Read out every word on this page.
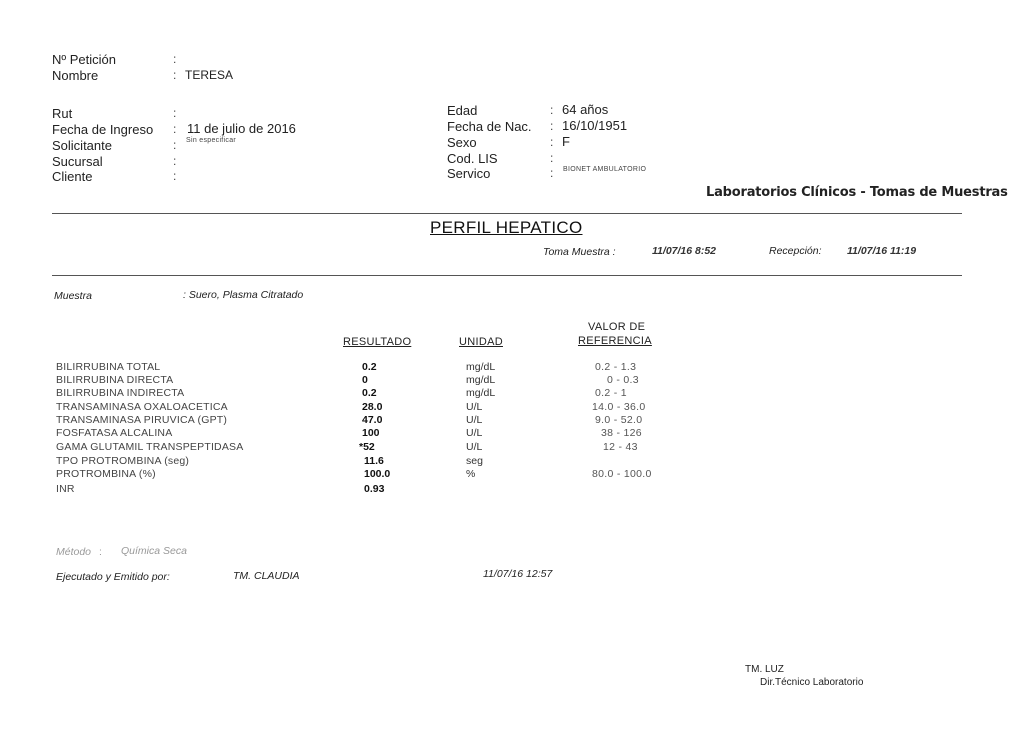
Nº Petición	:
Nombre	: TERESA
Rut	:
Fecha de Ingreso : 11 de julio de 2016
Solicitante	: Sin especificar
Sucursal	:
Cliente	:
Edad	: 64 años
Fecha de Nac. : 16/10/1951
Sexo	: F
Cod. LIS	:
Servico	: BIONET AMBULATORIO
Laboratorios Clínicos - Tomas de Muestras
PERFIL HEPATICO
Toma Muestra :	11/07/16 8:52	Recepción: 11/07/16 11:19
Muestra	: Suero, Plasma Citratado
RESULTADO	UNIDAD
VALOR DE
REFERENCIA
BILIRRUBINA TOTAL	0.2	mg/dL	0.2 - 1.3
BILIRRUBINA DIRECTA	0	mg/dL	0 - 0.3
BILIRRUBINA INDIRECTA	0.2	mg/dL	0.2 - 1
TRANSAMINASA OXALOACETICA	28.0	U/L	14.0 - 36.0
TRANSAMINASA PIRUVICA (GPT)	47.0	U/L	9.0 - 52.0
FOSFATASA ALCALINA	100	U/L	38 - 126
GAMA GLUTAMIL TRANSPEPTIDASA	*52	U/L	12 - 43
TPO PROTROMBINA (seg)	11.6	seg
PROTROMBINA (%)	100.0	%	80.0 - 100.0
INR	0.93
Método : Química Seca
Ejecutado y Emitido por:	TM. CLAUDIA	11/07/16 12:57
TM. LUZ
Dir.Técnico Laboratorio
